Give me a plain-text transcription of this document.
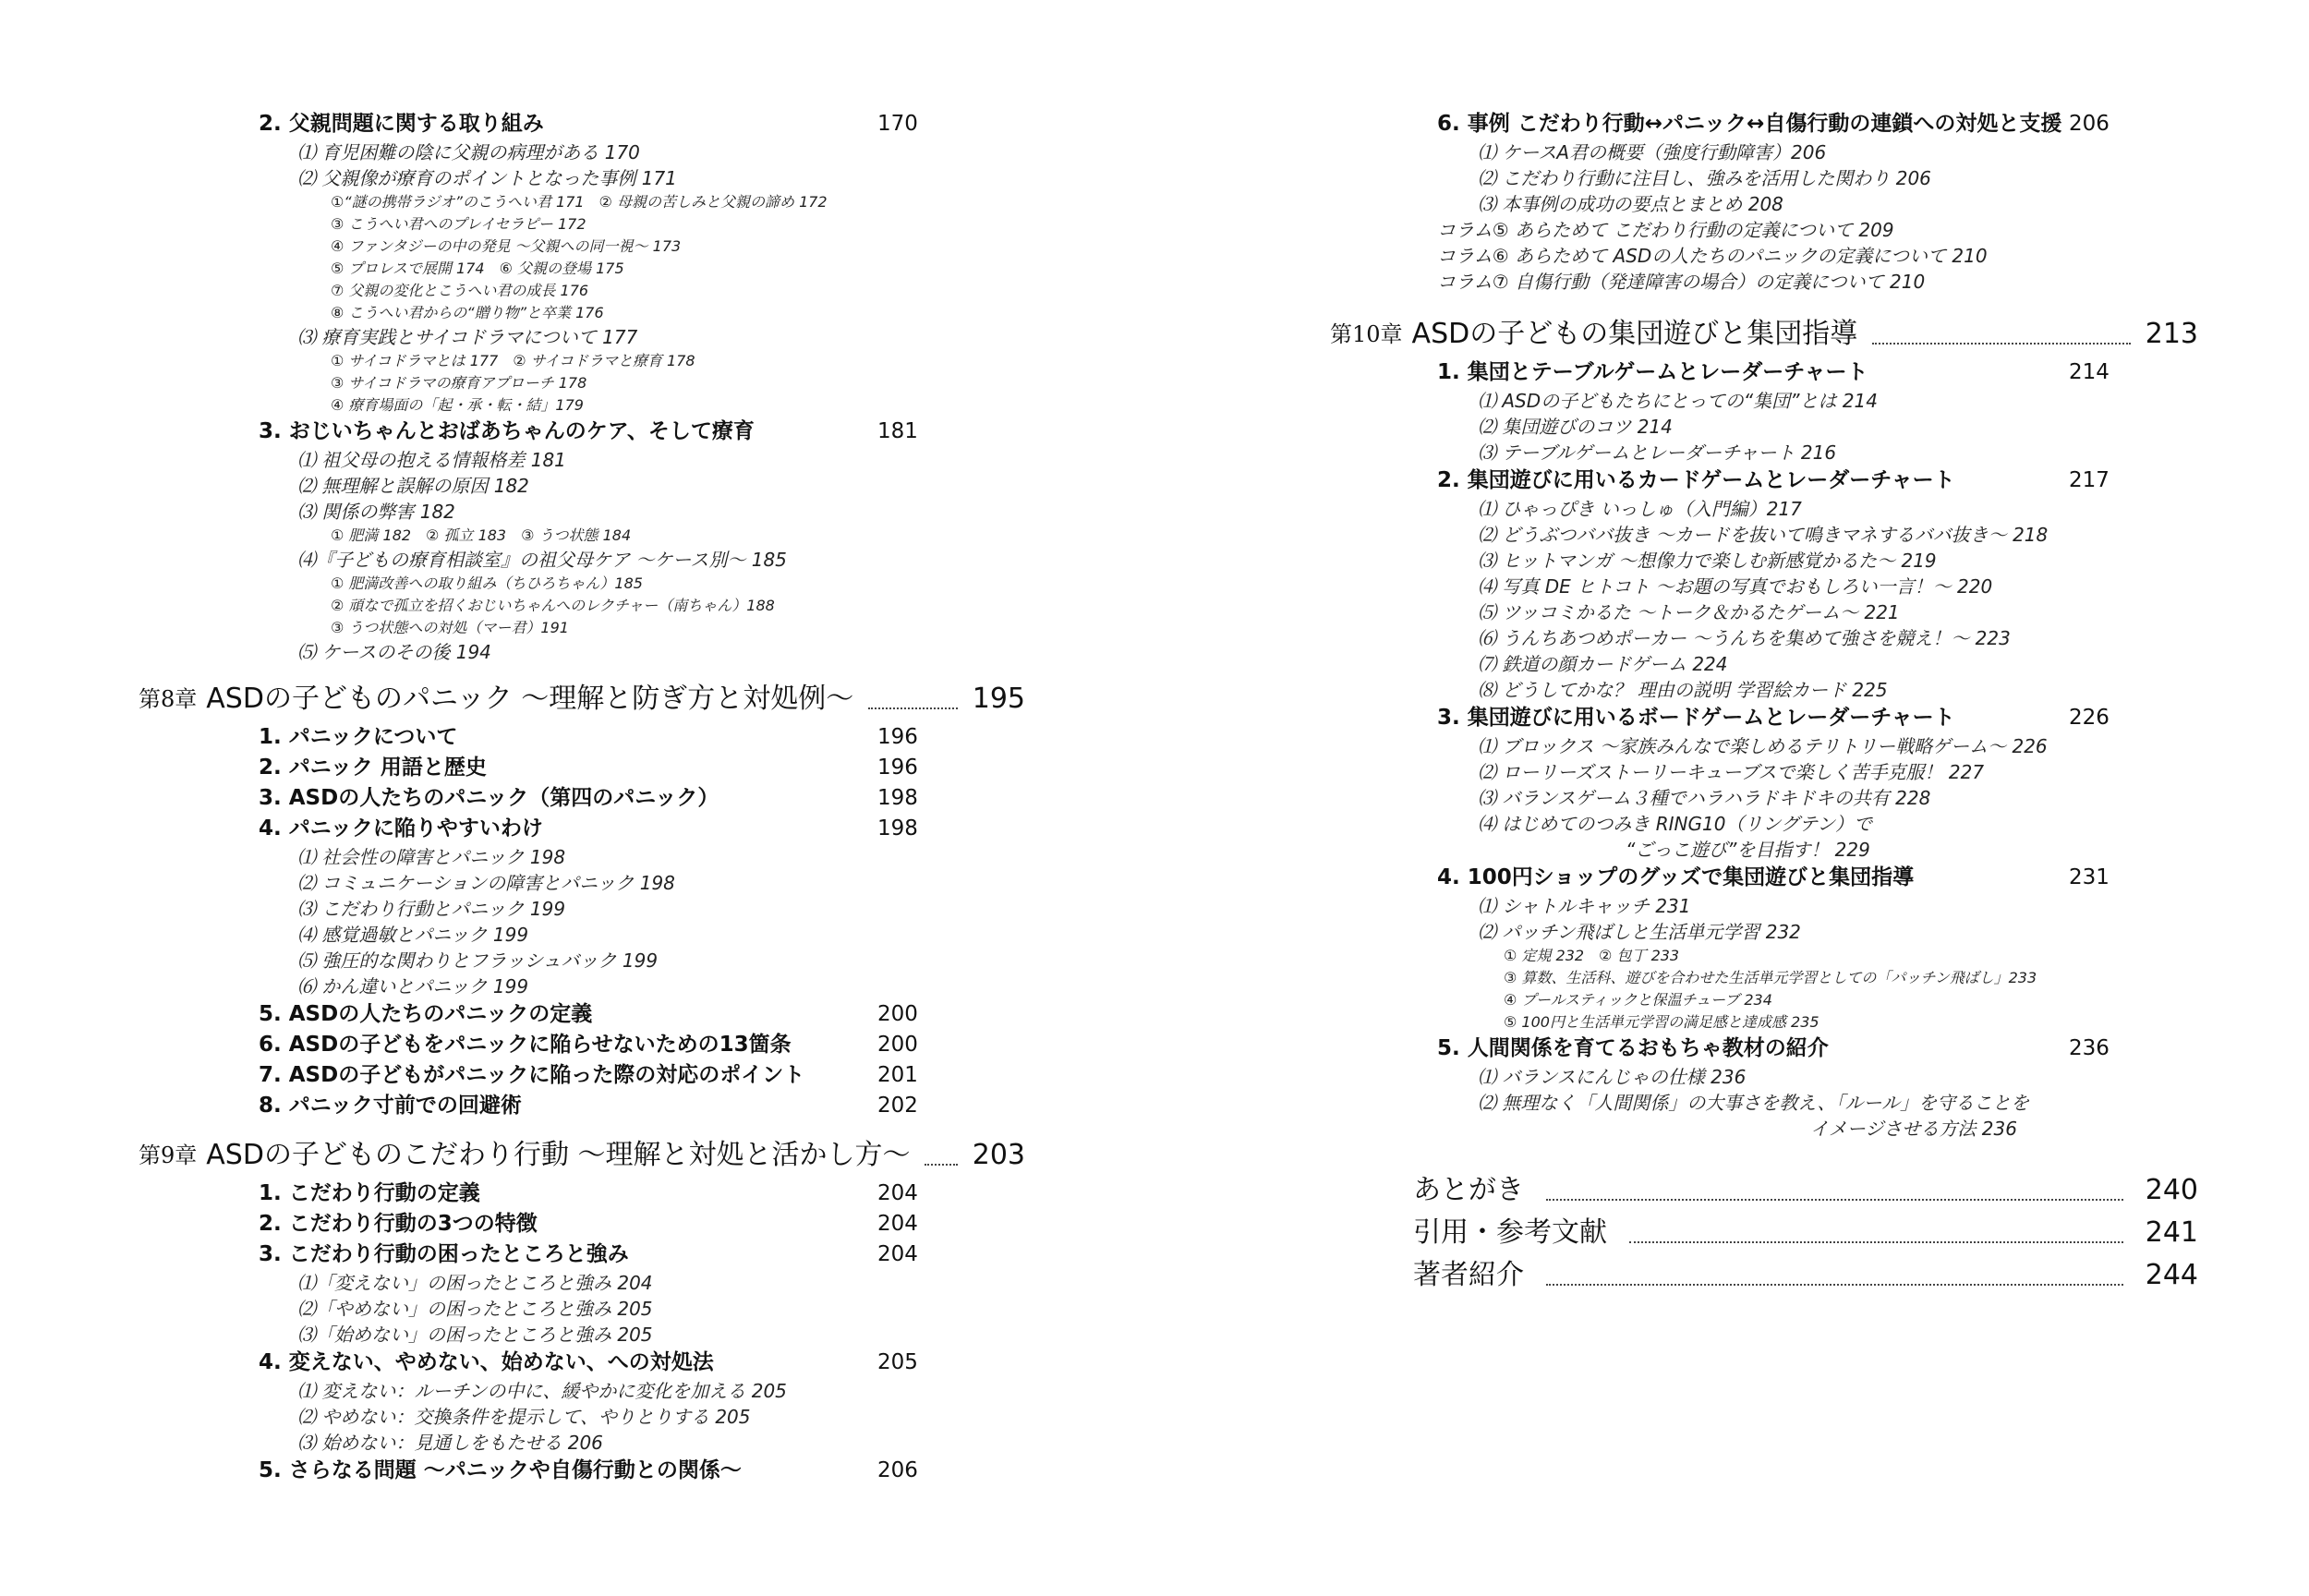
2. 父親問題に関する取り組み	170
⑴ 育児困難の陰に父親の病理がある 170
⑵ 父親像が療育のポイントとなった事例 171
①“謎の携帯ラジオ”のこうへい君 171　② 母親の苦しみと父親の諦め 172
③ こうへい君へのプレイセラピー 172
④ ファンタジーの中の発見 ～父親への同一視～ 173
⑤ プロレスで展開 174　⑥ 父親の登場 175
⑦ 父親の変化とこうへい君の成長 176
⑧ こうへい君からの“贈り物”と卒業 176
⑶ 療育実践とサイコドラマについて 177
① サイコドラマとは 177　② サイコドラマと療育 178
③ サイコドラマの療育アプローチ 178
④ 療育場面の「起・承・転・結」179
3. おじいちゃんとおばあちゃんのケア、そして療育	181
⑴ 祖父母の抱える情報格差 181
⑵ 無理解と誤解の原因 182
⑶ 関係の弊害 182
① 肥満 182　② 孤立 183　③ うつ状態 184
⑷『子どもの療育相談室』の祖父母ケア ～ケース別～ 185
① 肥満改善への取り組み（ちひろちゃん）185
② 頑なで孤立を招くおじいちゃんへのレクチャー（南ちゃん）188
③ うつ状態への対処（マー君）191
⑸ ケースのその後 194
第8章 ASDの子どものパニック ～理解と防ぎ方と対処例～	195
1. パニックについて	196
2. パニック 用語と歴史	196
3. ASDの人たちのパニック（第四のパニック）	198
4. パニックに陥りやすいわけ	198
⑴ 社会性の障害とパニック 198
⑵ コミュニケーションの障害とパニック 198
⑶ こだわり行動とパニック 199
⑷ 感覚過敏とパニック 199
⑸ 強圧的な関わりとフラッシュバック 199
⑹ かん違いとパニック 199
5. ASDの人たちのパニックの定義	200
6. ASDの子どもをパニックに陥らせないための13箇条	200
7. ASDの子どもがパニックに陥った際の対応のポイント	201
8. パニック寸前での回避術	202
第9章 ASDの子どものこだわり行動 ～理解と対処と活かし方～ 203
1. こだわり行動の定義	204
2. こだわり行動の3つの特徴	204
3. こだわり行動の困ったところと強み	204
⑴「変えない」の困ったところと強み 204
⑵「やめない」の困ったところと強み 205
⑶「始めない」の困ったところと強み 205
4. 変えない、やめない、始めない、への対処法	205
⑴ 変えない：ルーチンの中に、緩やかに変化を加える 205
⑵ やめない：交換条件を提示して、やりとりする 205
⑶ 始めない：見通しをもたせる 206
5. さらなる問題 ～パニックや自傷行動との関係～	206
6. 事例 こだわり行動↔パニック↔自傷行動の連鎖への対処と支援 206
⑴ ケースA君の概要（強度行動障害）206
⑵ こだわり行動に注目し、強みを活用した関わり 206
⑶ 本事例の成功の要点とまとめ 208
コラム⑤ あらためて こだわり行動の定義について 209
コラム⑥ あらためて ASDの人たちのパニックの定義について 210
コラム⑦ 自傷行動（発達障害の場合）の定義について 210
第10章 ASDの子どもの集団遊びと集団指導	213
1. 集団とテーブルゲームとレーダーチャート	214
⑴ ASDの子どもたちにとっての“集団”とは 214
⑵ 集団遊びのコツ 214
⑶ テーブルゲームとレーダーチャート 216
2. 集団遊びに用いるカードゲームとレーダーチャート	217
⑴ ひゃっぴき いっしゅ（入門編）217
⑵ どうぶつババ抜き ～カードを抜いて鳴きマネするババ抜き～ 218
⑶ ヒットマンガ ～想像力で楽しむ新感覚かるた～ 219
⑷ 写真 DE ヒトコト ～お題の写真でおもしろい一言！～ 220
⑸ ツッコミかるた ～トーク＆かるたゲーム～ 221
⑹ うんちあつめポーカー ～うんちを集めて強さを競え！～ 223
⑺ 鉄道の顔カードゲーム 224
⑻ どうしてかな？ 理由の説明 学習絵カード 225
3. 集団遊びに用いるボードゲームとレーダーチャート	226
⑴ ブロックス ～家族みんなで楽しめるテリトリー戦略ゲーム～ 226
⑵ ローリーズストーリーキューブスで楽しく苦手克服！ 227
⑶ バランスゲーム３種でハラハラドキドキの共有 228
⑷ はじめてのつみき RING10（リングテン）で
“ごっこ遊び”を目指す！ 229
4. 100円ショップのグッズで集団遊びと集団指導	231
⑴ シャトルキャッチ 231
⑵ パッチン飛ばしと生活単元学習 232
① 定規 232　② 包丁 233
③ 算数、生活科、遊びを合わせた生活単元学習としての「パッチン飛ばし」233
④ プールスティックと保温チューブ 234
⑤ 100円と生活単元学習の満足感と達成感 235
5. 人間関係を育てるおもちゃ教材の紹介	236
⑴ バランスにんじゃの仕様 236
⑵ 無理なく「人間関係」の大事さを教え、「ルール」を守ることを
イメージさせる方法 236
あとがき	240
引用・参考文献	241
著者紹介	244
